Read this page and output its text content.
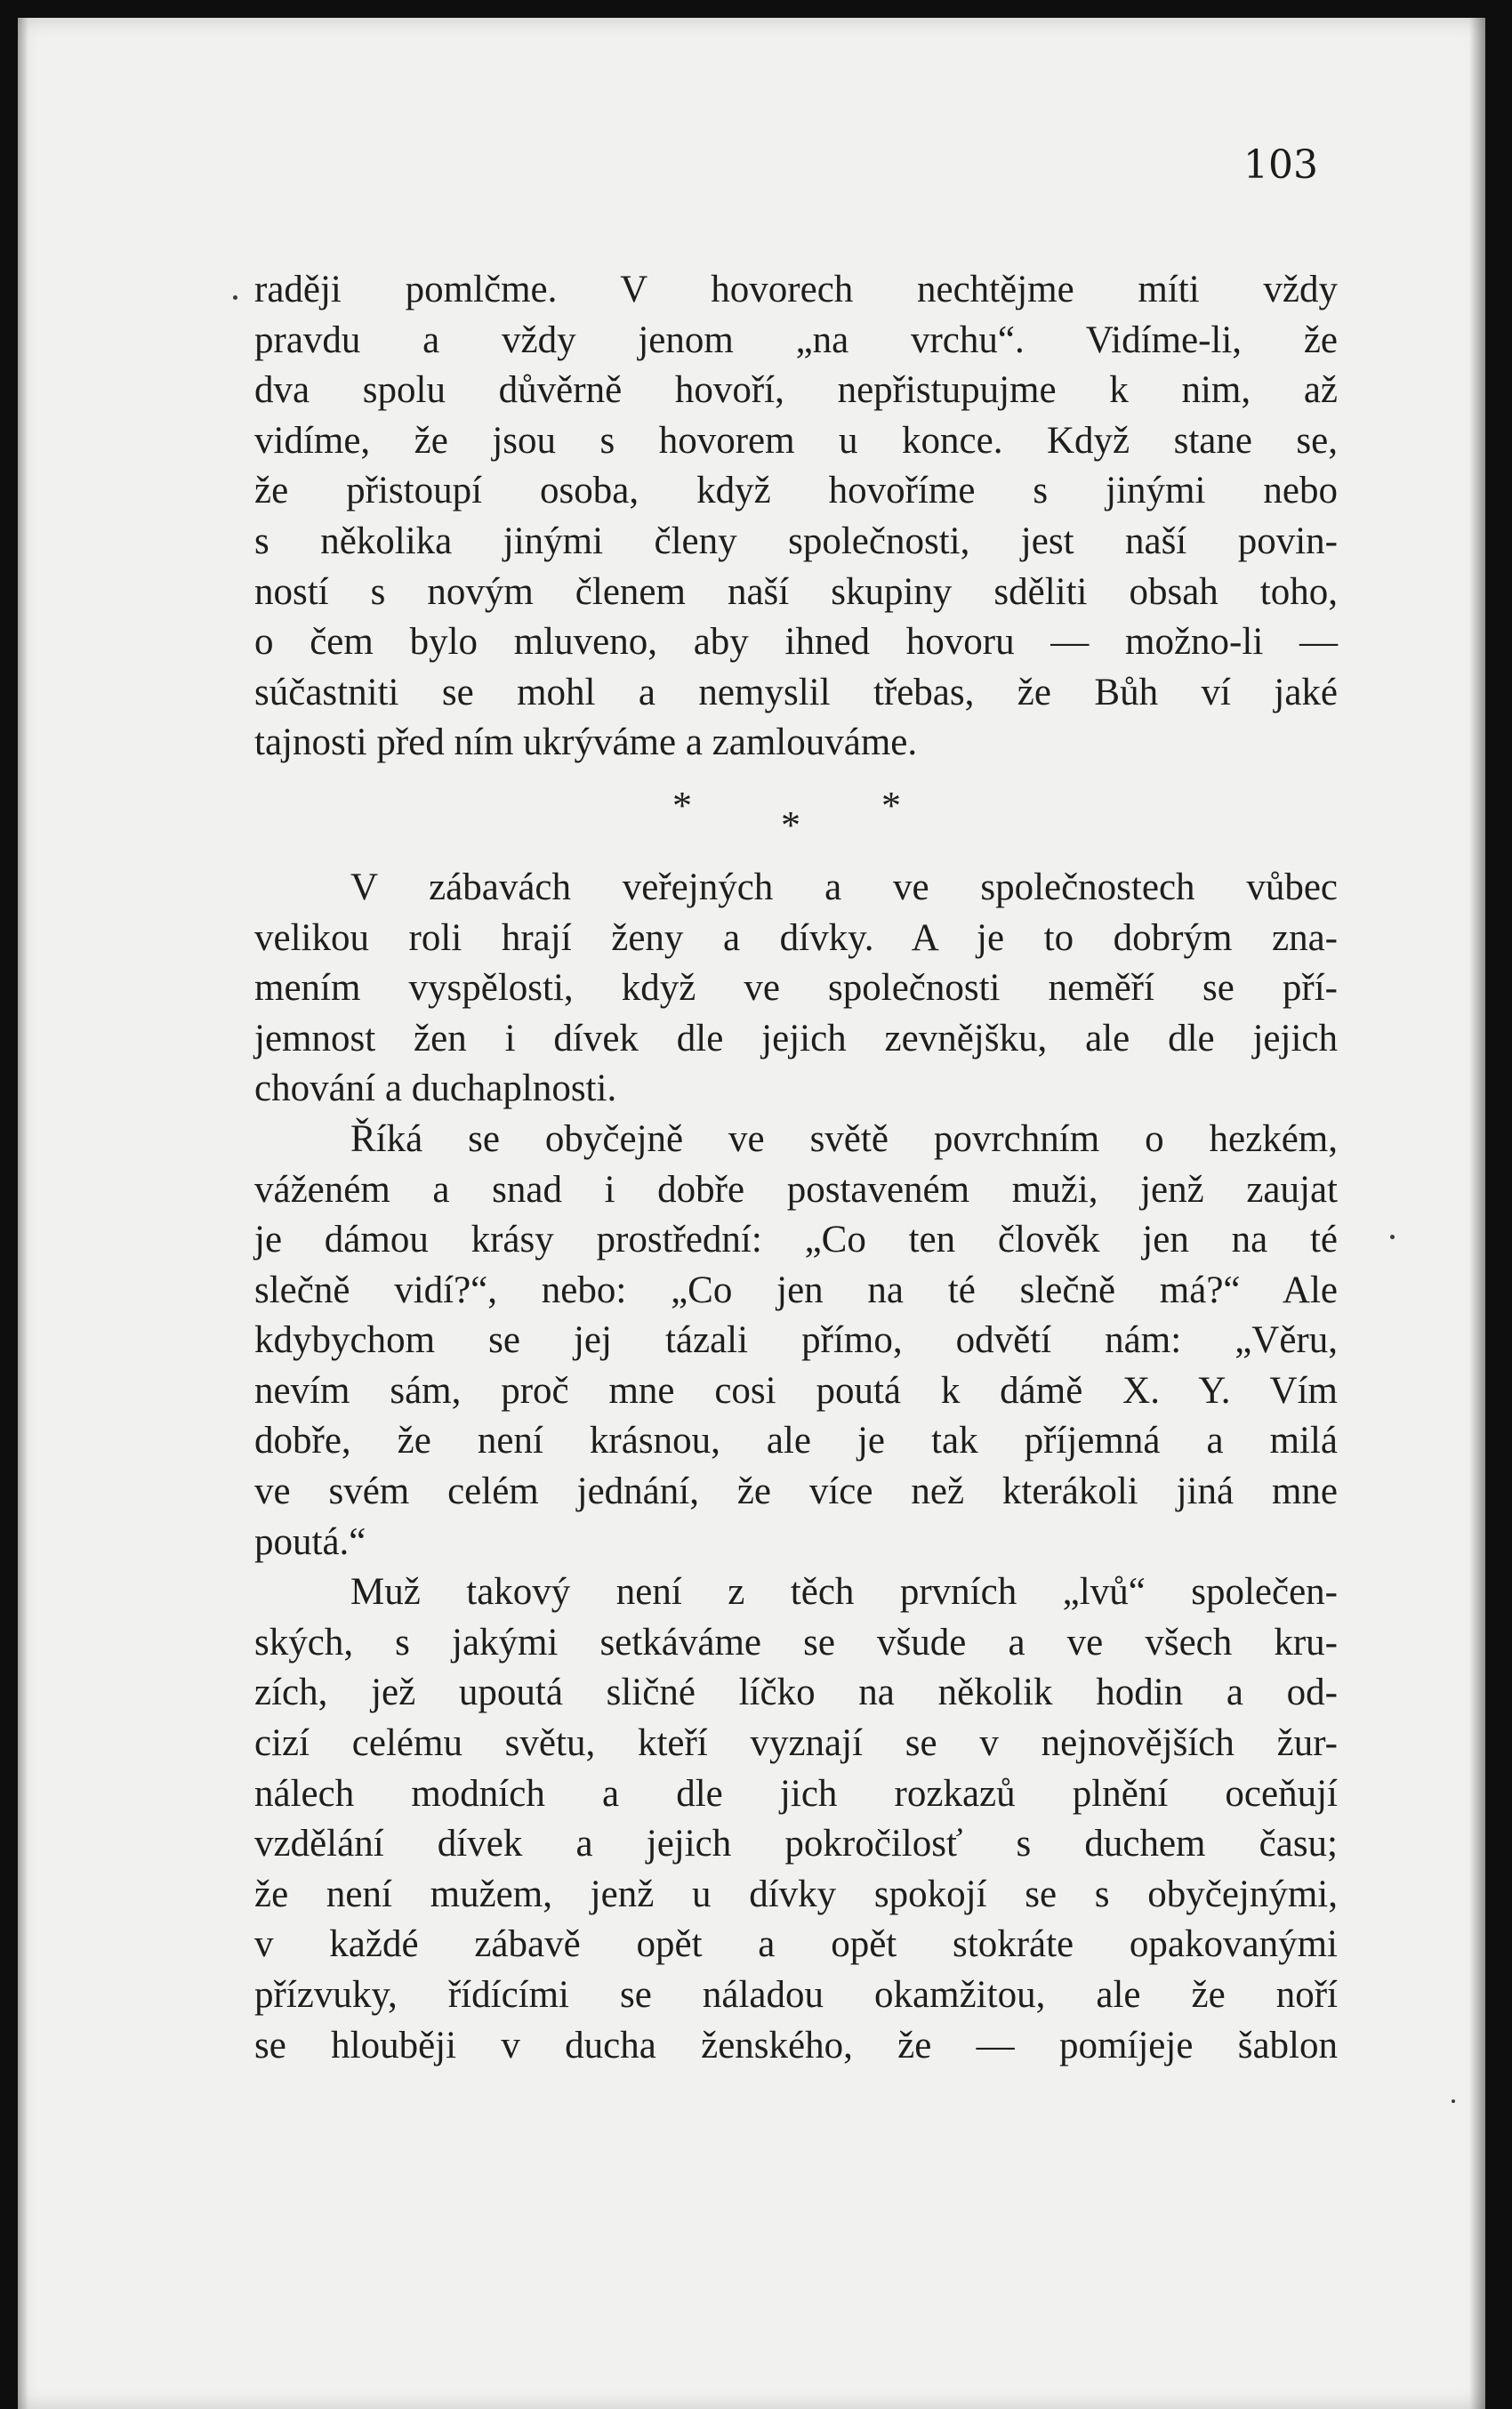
103

raději pomlčme. V hovorech nechtějme míti vždy

pravdu a vždy jenom „na vrchu“. Vidíme-li, že

dva spolu důvěrně hovoří, nepřistupujme k nim, až

vidíme, že jsou s hovorem u konce. Když stane se,

že přistoupí osoba, když hovoříme s jinými nebo

s několika jinými členy společnosti, jest naší povin-

ností s novým členem naší skupiny sděliti obsah toho,

o čem bylo mluveno, aby ihned hovoru — možno-li —

súčastniti se mohl a nemyslil třebas, že Bůh ví jaké

tajnosti před ním ukrýváme a zamlouváme.

* * *

V zábavách veřejných a ve společnostech vůbec

velikou roli hrají ženy a dívky. A je to dobrým zna-

mením vyspělosti, když ve společnosti neměří se pří-

jemnost žen i dívek dle jejich zevnějšku, ale dle jejich

chování a duchaplnosti.

Říká se obyčejně ve světě povrchním o hezkém,

váženém a snad i dobře postaveném muži, jenž zaujat

je dámou krásy prostřední: „Co ten člověk jen na té

slečně vidí?“, nebo: „Co jen na té slečně má?“ Ale

kdybychom se jej tázali přímo, odvětí nám: „Věru,

nevím sám, proč mne cosi poutá k dámě X. Y. Vím

dobře, že není krásnou, ale je tak příjemná a milá

ve svém celém jednání, že více než kterákoli jiná mne

poutá.“

Muž takový není z těch prvních „lvů“ společen-

ských, s jakými setkáváme se všude a ve všech kru-

zích, jež upoutá sličné líčko na několik hodin a od-

cizí celému světu, kteří vyznají se v nejnovějších žur-

nálech modních a dle jich rozkazů plnění oceňují

vzdělání dívek a jejich pokročilosť s duchem času;

že není mužem, jenž u dívky spokojí se s obyčejnými,

v každé zábavě opět a opět stokráte opakovanými

přízvuky, řídícími se náladou okamžitou, ale že noří

se hlouběji v ducha ženského, že — pomíjeje šablon
